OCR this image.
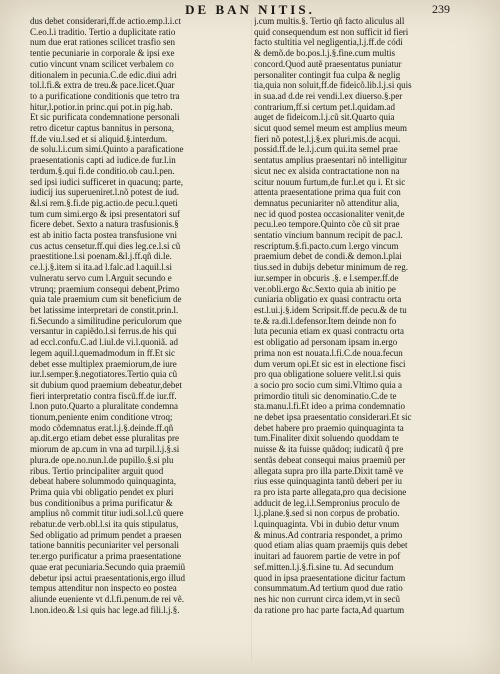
DE BAN NITIS.	239

dus debet considerari,ff.de actio.emp.l.i.ct

C.eo.l.i traditio. Tertio a duplicitate ratio

num due erat rationes scilicet trasfio sen

tentie pecuniarie in corporale & ipsi exe

cutio vincunt vnam scilicet verbalem co

ditionalem in pecunia.C.de edic.diui adri

tol.l.fi.& extra de treu.& pace.licet.Quar

to a purificatione conditionis que tetro tra

hitur,l.potior.in princ.qui pot.in pig.hab.

Et sic purificata condemnatione personali

retro dicetur captus bannitus in persona,

ff.de viu.l.sed et si aliquid.§.interdum.

de solu.l.i.cum simi.Quinto a paraficatione

praesentationis capti ad iudice.de fur.l.in

terdum.§.qui fi.de conditio.ob cau.l.pen.

sed ipsi iudici sufficeret in quacunq; parte,

iudicij ius superueniret.l.nõ potest de iud.

&l.si rem.§.fi.de pig.actio.de pecu.l.queti

tum cum simi.ergo & ipsi presentatori suf

ficere debet. Sexto a natura trasfusionis.§

est ab initio facta postea transfusione vni

cus actus censetur.ff.qui dies leg.ce.l.si cũ

praestitione.l.si poenam.&l.j.ff.qñ di.le.

ce.l.j.§.item si ita.ad l.falc.ad l.aquil.l.si

vulneratu servo cum l.Arguit secundo e

vtrunq; praemium consequi debent,Primo

quia tale praemium cum sit beneficium de

bet latissime interpretari de constit.prin.l.

fi.Secundo a similitudine periculorum que

versantur in capiẽdo.l.si ferrus.de his qui

ad eccl.confu.C.ad l.iul.de vi.l.quoniã. ad

legem aquil.l.quemadmodum in ff.Et sic

debet esse multiplex praemiorum,de iure

iur.l.semper.§.negotiatores.Tertio quia cũ

sit dubium quod praemium debeatur,debet

fieri interpretatio contra fiscũ.ff.de iur.ff.

l.non puto.Quarto a pluralitate condemna

tionum,peniente enim conditione vtroq;

modo cõdemnatus erat.l.j.§.deinde.ff.qñ

ap.dit.ergo etiam debet esse pluralitas pre

miorum de ap.cum in vna ad turpil.l.j.§.si

plura.de ope.no.nun.l.de pupillo.§.si plu

ribus. Tertio principaliter arguit quod

debeat habere solummodo quinquaginta,

Prima quia vbi obligatio pendet ex pluri

bus conditionibus a prima purificatur &

amplius nõ commit titur iudi.sol.l.cũ quere

rebatur.de verb.obl.l.si ita quis stipulatus,

Sed obligatio ad primum pendet a praesen

tatione bannitis pecuniariter vel personali

ter.ergo purificatur a prima praesentatione

quae erat pecuniaria.Secundo quia praemiũ

debetur ipsi actui praesentationis,ergo illud

tempus attenditur non inspecto eo postea

aliunde eueniente vt d.l.fi.penum.de rei vẽ.

l.non.ideo.& l.si quis hac lege.ad fili.l.j.§.

j.cum multis.§. Tertio qñ facto aliculus all

quid consequendum est non sufficit id fieri

facto stultitia vel negligentia,l.j.ff.de códi

& demõ.de bo.pos.l.j.§.fine.cum multis

concord.Quod autẽ praesentatus puniatur

personaliter contingit fua culpa & neglig

tia,quia non soluit,ff.de fideicõ.lib.l.j.si quis

in sua.ad d.de rei vendi.l.ex diuerso.§.per

contrarium,ff.si certum pet.l.quidam.ad

auget de fideicom.l.j.cũ sit.Quarto quia

sicut quod semel meum est amplius meum

fieri nõ potest,l.j.§.ex pluri.mis.de acqui.

possid.ff.de le.l.j.cum qui.ita semel prae

sentatus amplius praesentari nõ intelligitur

sicut nec ex alsida contractatione non na

scitur nouum furtum,de fur.l.et qu i. Et sic

attenta praesentatione prima qua fuit con

demnatus pecuniariter nõ attenditur alia,

nec id quod postea occasionaliter venit,de

pecu.l.eo tempore.Quinto cõe cũ sit prae

sentatio vincium bannum recipit de pac.l.

rescriptum.§.fi.pacto.cum l.ergo vincum

praemium debet de condi.& demon.l.plai

tius.sed in dubijs debetur minimum de reg.

iur.semper in obcuris .§. e l.semper.ff.de

ver.obli.ergo &c.Sexto quia ab initio pe

cuniaria obligatio ex quasi contractu orta

est.l.ui.j.§.idem Scripsit.ff.de pecu.& de tu

te.& ra.di.l.defensor.Item deinde non fo

luta pecunia etiam ex quasi contractu orta

est obligatio ad personam ipsam in.ergo

prima non est nouata.l.fi.C.de noua.fecun

dum verum opi.Et sic est in electione fisci

pro qua obligatione soluere velit.l.si quis

a socio pro socio cum simi.Vltimo quia a

primordio tituli sic denominatio.C.de te

sta.manu.l.fi.Et ideo a prima condemnatio

ne debet ipsa praesentatio considerari.Et sic

debet habere pro praemio quinquaginta ta

tum.Finaliter dixit soluendo quoddam te

nuisse & ita fuisse quãdoq; iudicatũ q̃ pre

sentãs debeat consequi maius praemiũ per

allegata supra pro illa parte.Dixit tamẽ ve

rius esse quinquaginta tantũ deberi per iu

ra pro ista parte allegata,pro qua decisione

adducit de leg.i.l.Sempronius proculo de

l.j.plane.§.sed si non corpus de probatio.

l.quinquaginta. Vbi in dubio detur vnum

& minus.Ad contraria respondet, a primo

quod etiam alias quam praemijs quis debet

inuitari ad fauorem partie de vetre in pof

sef.mitten.l.j.§.fi.sine tu. Ad secundum

quod in ipsa praesentatione dicitur factum

consummatum.Ad tertium quod due ratio

nes hic non currunt circa idem,vt in secũ

da ratione pro hac parte facta,Ad quartum
